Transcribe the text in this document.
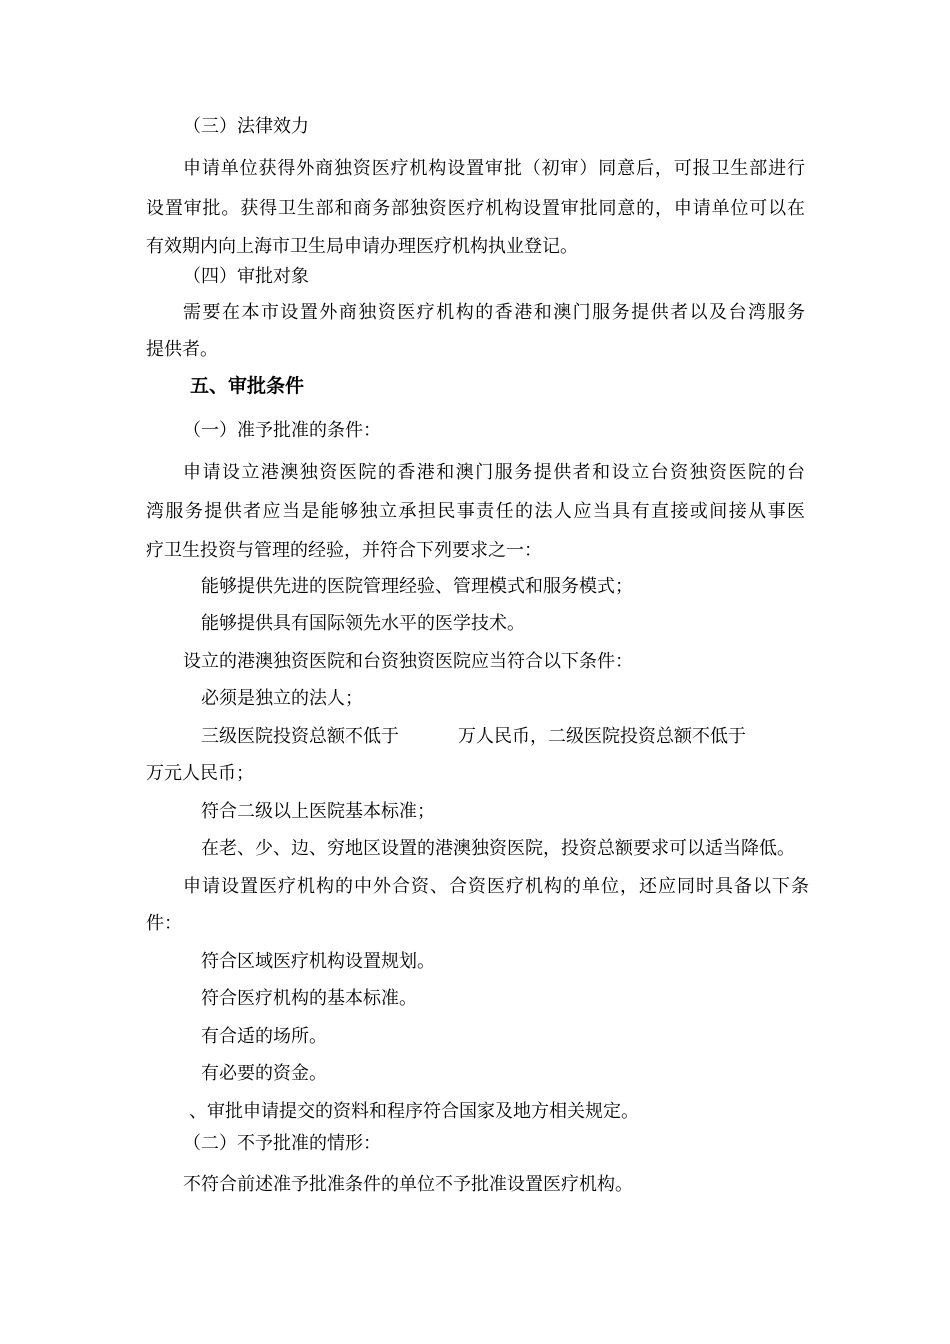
（三）法律效力
申请单位获得外商独资医疗机构设置审批（初审）同意后，可报卫生部进行
设置审批。获得卫生部和商务部独资医疗机构设置审批同意的，申请单位可以在
有效期内向上海市卫生局申请办理医疗机构执业登记。
（四）审批对象
需要在本市设置外商独资医疗机构的香港和澳门服务提供者以及台湾服务
提供者。
五、审批条件
（一）准予批准的条件：
申请设立港澳独资医院的香港和澳门服务提供者和设立台资独资医院的台
湾服务提供者应当是能够独立承担民事责任的法人应当具有直接或间接从事医
疗卫生投资与管理的经验，并符合下列要求之一：
能够提供先进的医院管理经验、管理模式和服务模式；
能够提供具有国际领先水平的医学技术。
设立的港澳独资医院和台资独资医院应当符合以下条件：
必须是独立的法人；
三级医院投资总额不低于	万人民币，二级医院投资总额不低于
万元人民币；
符合二级以上医院基本标准；
在老、少、边、穷地区设置的港澳独资医院，投资总额要求可以适当降低。
申请设置医疗机构的中外合资、合资医疗机构的单位，还应同时具备以下条
件：
符合区域医疗机构设置规划。
符合医疗机构的基本标准。
有合适的场所。
有必要的资金。
、审批申请提交的资料和程序符合国家及地方相关规定。
（二）不予批准的情形：
不符合前述准予批准条件的单位不予批准设置医疗机构。
